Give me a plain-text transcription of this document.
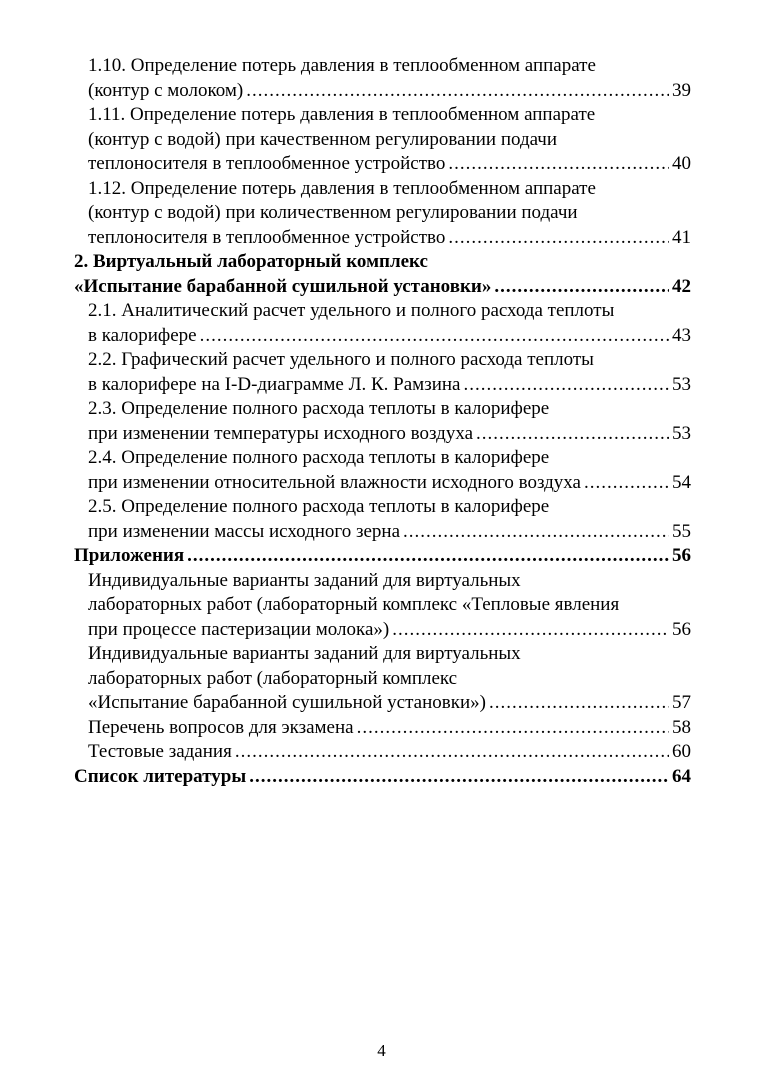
1.10. Определение потерь давления в теплообменном аппарате
(контур с молоком) .....	39
1.11. Определение потерь давления в теплообменном аппарате
(контур с водой) при качественном регулировании подачи
теплоносителя в теплообменное устройство .....	40
1.12. Определение потерь давления в теплообменном аппарате
(контур с водой) при количественном регулировании подачи
теплоносителя в теплообменное устройство .....	41
2. Виртуальный лабораторный комплекс
«Испытание барабанной сушильной установки» .....	42
2.1. Аналитический расчет удельного и полного расхода теплоты
в калорифере .....	43
2.2. Графический расчет удельного и полного расхода теплоты
в калорифере на I-D-диаграмме Л. К. Рамзина .....	53
2.3. Определение полного расхода теплоты в калорифере
при изменении температуры исходного воздуха .....	53
2.4. Определение полного расхода теплоты в калорифере
при изменении относительной влажности исходного воздуха .....	54
2.5. Определение полного расхода теплоты в калорифере
при изменении массы исходного зерна .....	55
Приложения .....	56
Индивидуальные варианты заданий для виртуальных
лабораторных работ (лабораторный комплекс «Тепловые явления
при процессе пастеризации молока») .....	56
Индивидуальные варианты заданий для виртуальных
лабораторных работ (лабораторный комплекс
«Испытание барабанной сушильной установки») .....	57
Перечень вопросов для экзамена .....	58
Тестовые задания .....	60
Список литературы .....	64
4
